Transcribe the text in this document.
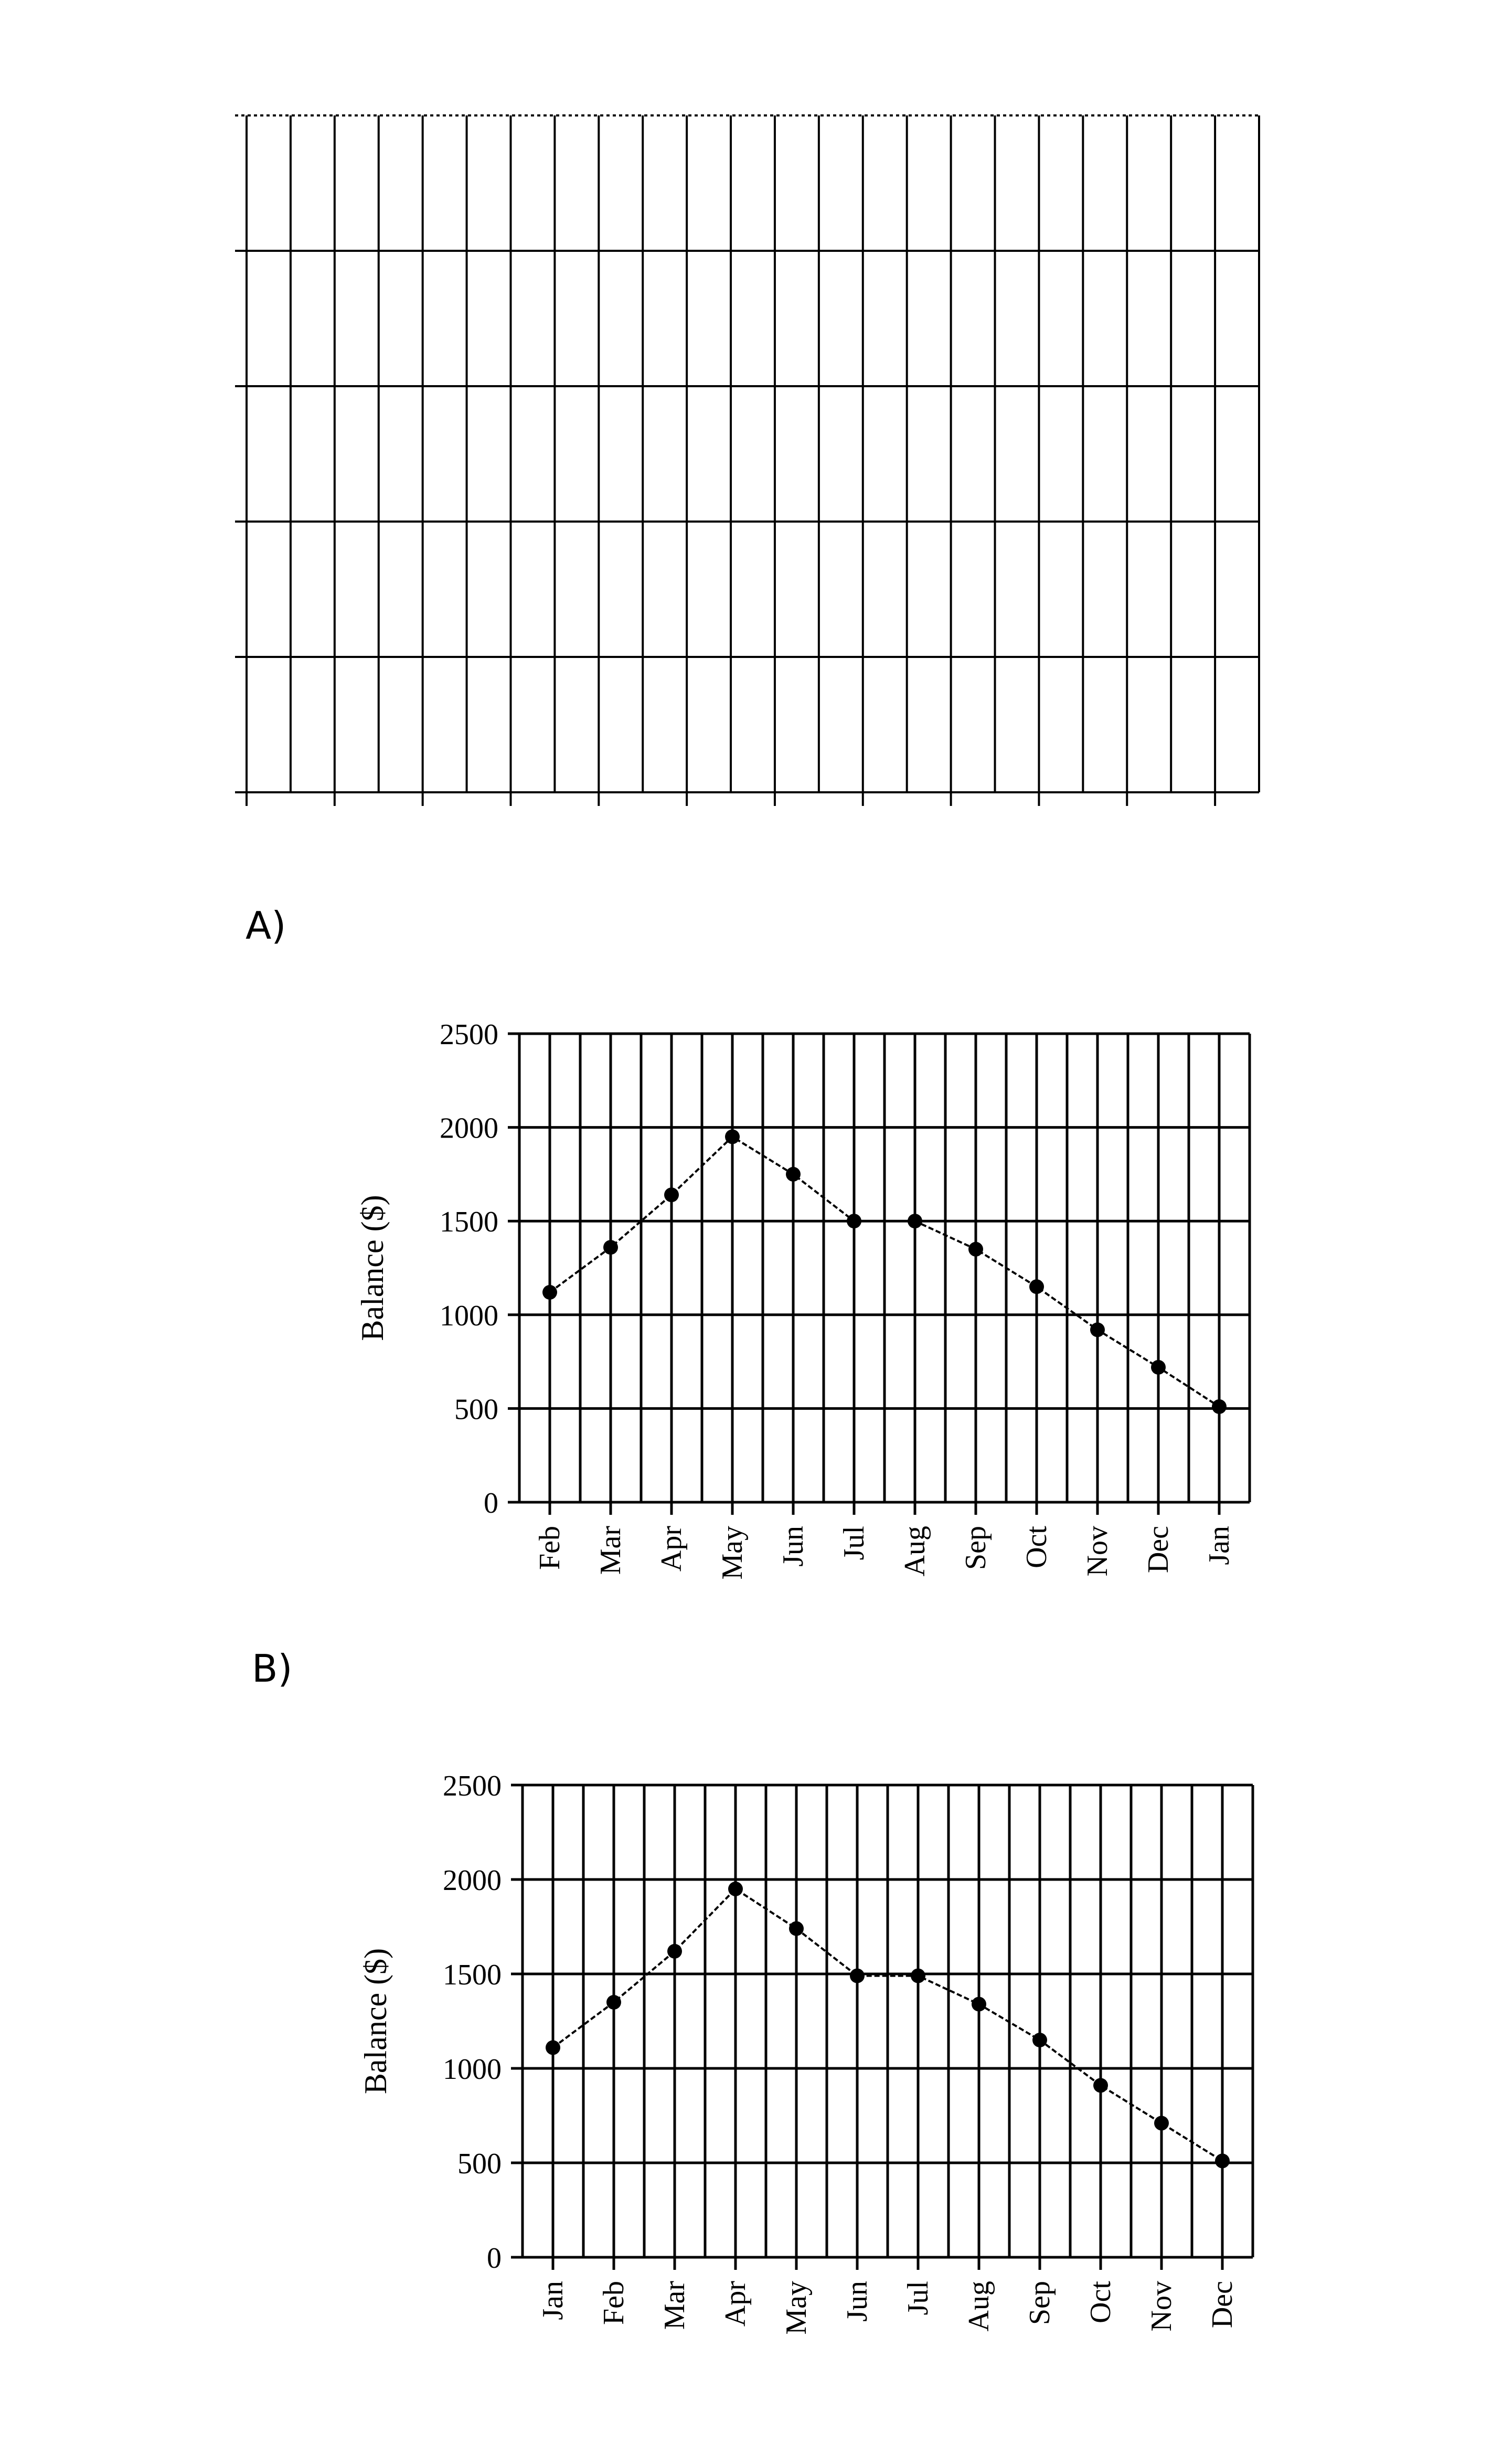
A)
0
500
1000
1500
2000
2500
Feb Mar Apr May Jun Jul Aug Sep Oct Nov Dec Jan
Balance ($)
B)
0
500
1000
1500
2000
2500
Jan Feb Mar Apr May Jun Jul Aug Sep Oct Nov Dec
Balance ($)
